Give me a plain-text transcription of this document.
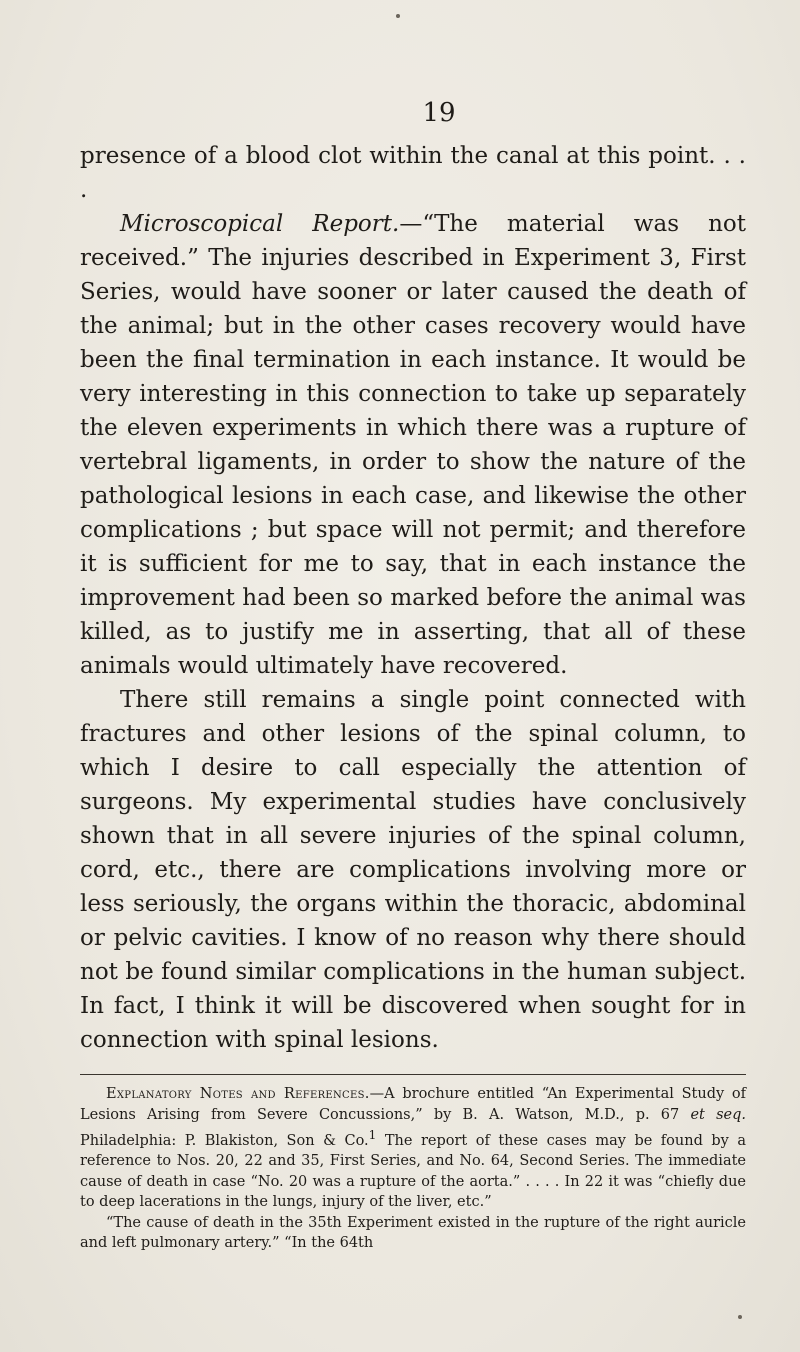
19

presence of a blood clot within the canal at this point. . . .

Microscopical Report.—“The material was not received.” The injuries described in Experiment 3, First Series, would have sooner or later caused the death of the animal; but in the other cases recovery would have been the final termination in each instance. It would be very interesting in this connection to take up separately the eleven experiments in which there was a rupture of vertebral ligaments, in order to show the nature of the pathological lesions in each case, and likewise the other complications ; but space will not permit; and therefore it is sufficient for me to say, that in each instance the improvement had been so marked before the animal was killed, as to justify me in asserting, that all of these animals would ultimately have recovered.

There still remains a single point connected with fractures and other lesions of the spinal column, to which I desire to call especially the attention of surgeons. My experimental studies have conclusively shown that in all severe injuries of the spinal column, cord, etc., there are complications involving more or less seriously, the organs within the thoracic, abdominal or pelvic cavities. I know of no reason why there should not be found similar complications in the human subject. In fact, I think it will be discovered when sought for in connection with spinal lesions.

Explanatory Notes and References.—A brochure entitled “An Experimental Study of Lesions Arising from Severe Concussions,” by B. A. Watson, M.D., p. 67 et seq. Philadelphia: P. Blakiston, Son & Co.$^1$ The report of these cases may be found by a reference to Nos. 20, 22 and 35, First Series, and No. 64, Second Series. The immediate cause of death in case “No. 20 was a rupture of the aorta.” . . . . In 22 it was “chiefly due to deep lacerations in the lungs, injury of the liver, etc.”

“The cause of death in the 35th Experiment existed in the rupture of the right auricle and left pulmonary artery.” “In the 64th
